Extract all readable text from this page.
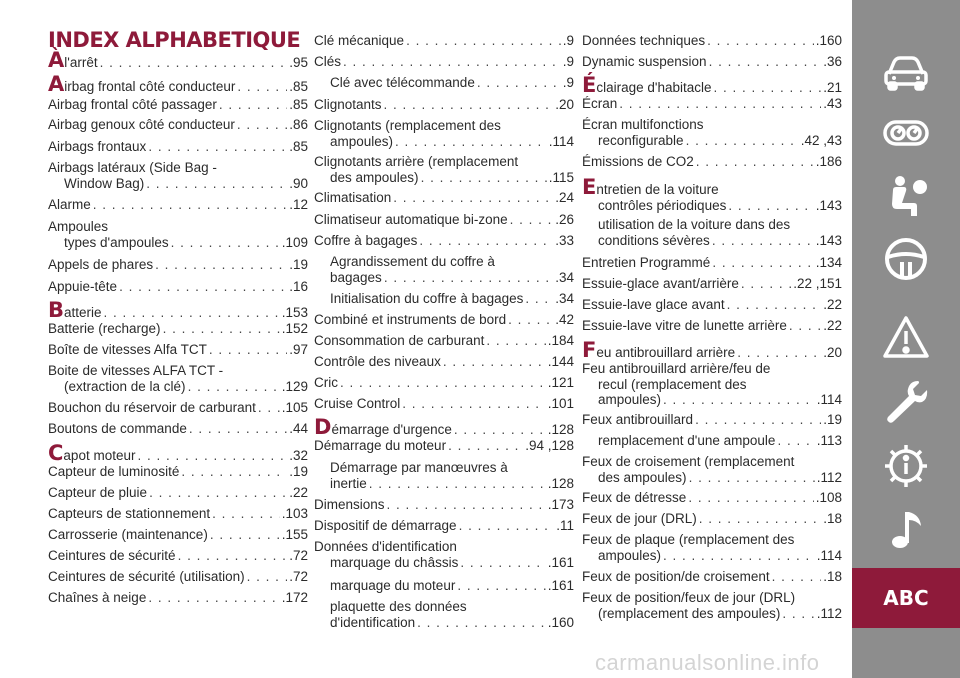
INDEX ALPHABETIQUE
À l'arrêt . . .	.95
A irbag frontal côté conducteur . . .	.85
Airbag frontal côté passager . . .	.85
Airbag genoux côté conducteur . . .	.86
Airbags frontaux . . .	.85
Airbags latéraux (Side Bag -
Window Bag) . . .	.90
Alarme . . .	.12
Ampoules
types d'ampoules . . .	.109
Appels de phares . . .	.19
Appuie-tête . . .	.16
B atterie . . .	.153
Batterie (recharge) . . .	.152
Boîte de vitesses Alfa TCT . . .	.97
Boite de vitesses ALFA TCT -
(extraction de la clé) . . .	.129
Bouchon du réservoir de carburant . . . .105
Boutons de commande . . .	.44
C apot moteur . . .	.32
Capteur de luminosité . . .	.19
Capteur de pluie . . .	.22
Capteurs de stationnement . . .	.103
Carrosserie (maintenance) . . .	.155
Ceintures de sécurité . . .	.72
Ceintures de sécurité (utilisation) . . .	.72
Chaînes à neige . . .	.172
Clé mécanique . . .	.9
Clés . . .	.9
Clé avec télécommande . . .	.9
Clignotants . . .	.20
Clignotants (remplacement des
ampoules) . . .	.114
Clignotants arrière (remplacement
des ampoules) . . .	.115
Climatisation . . .	.24
Climatiseur automatique bi-zone . . .	.26
Coffre à bagages . . .	.33
Agrandissement du coffre à
bagages . . .	.34
Initialisation du coffre à bagages . . . .34
Combiné et instruments de bord . . .	.42
Consommation de carburant . . .	.184
Contrôle des niveaux . . .	.144
Cric . . .	.121
Cruise Control . . .	.101
D émarrage d'urgence . . .	.128
Démarrage du moteur . . .	.94 ,128
Démarrage par manœuvres à
inertie . . .	.128
Dimensions . . .	.173
Dispositif de démarrage . . .	.11
Données d'identification
marquage du châssis . . .	.161
marquage du moteur . . .	.161
plaquette des données
d'identification . . .	.160
Données techniques . . .	.160
Dynamic suspension . . .	.36
É clairage d'habitacle . . .	.21
Écran . . .	.43
Écran multifonctions
reconfigurable . . .	.42 ,43
Émissions de CO2 . . .	.186
E ntretien de la voiture
contrôles périodiques . . .	.143
utilisation de la voiture dans des
conditions sévères . . .	.143
Entretien Programmé . . .	.134
Essuie-glace avant/arrière . . .	.22 ,151
Essuie-lave glace avant . . .	.22
Essuie-lave vitre de lunette arrière . . .	.22
F eu antibrouillard arrière . . .	.20
Feu antibrouillard arrière/feu de
recul (remplacement des
ampoules) . . .	.114
Feux antibrouillard . . .	.19
remplacement d'une ampoule . . .	.113
Feux de croisement (remplacement
des ampoules) . . .	.112
Feux de détresse . . .	.108
Feux de jour (DRL) . . .	.18
Feux de plaque (remplacement des
ampoules) . . .	.114
Feux de position/de croisement . . .	.18
Feux de position/feux de jour (DRL)
(remplacement des ampoules) . . .	.112
ABC
carmanualsonline.info
